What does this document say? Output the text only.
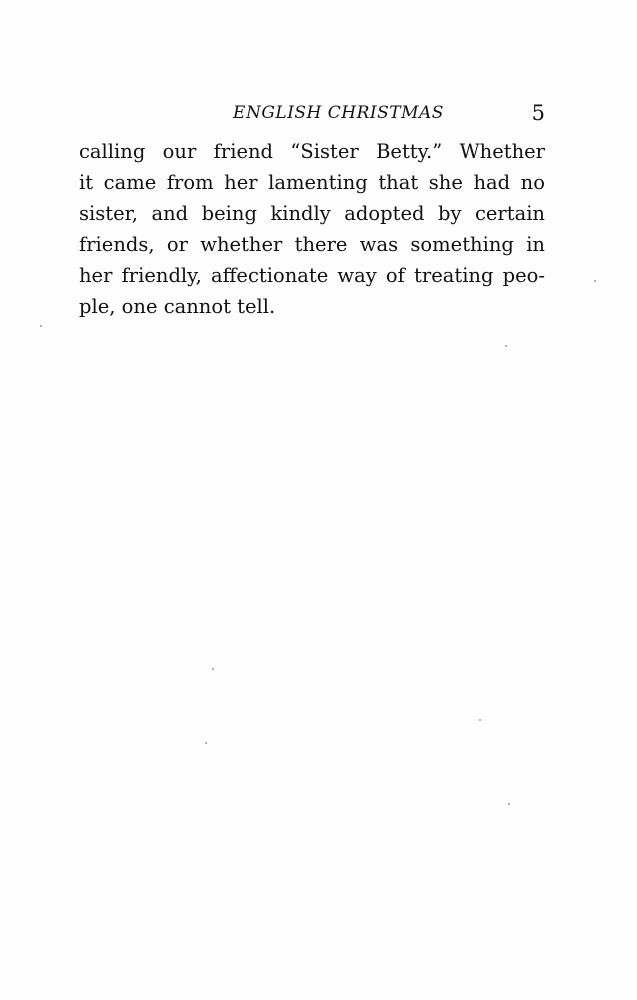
ENGLISH CHRISTMAS	5
calling our friend “Sister Betty.” Whether
it came from her lamenting that she had no
sister, and being kindly adopted by certain
friends, or whether there was something in
her friendly, affectionate way of treating peo-
ple, one cannot tell.
